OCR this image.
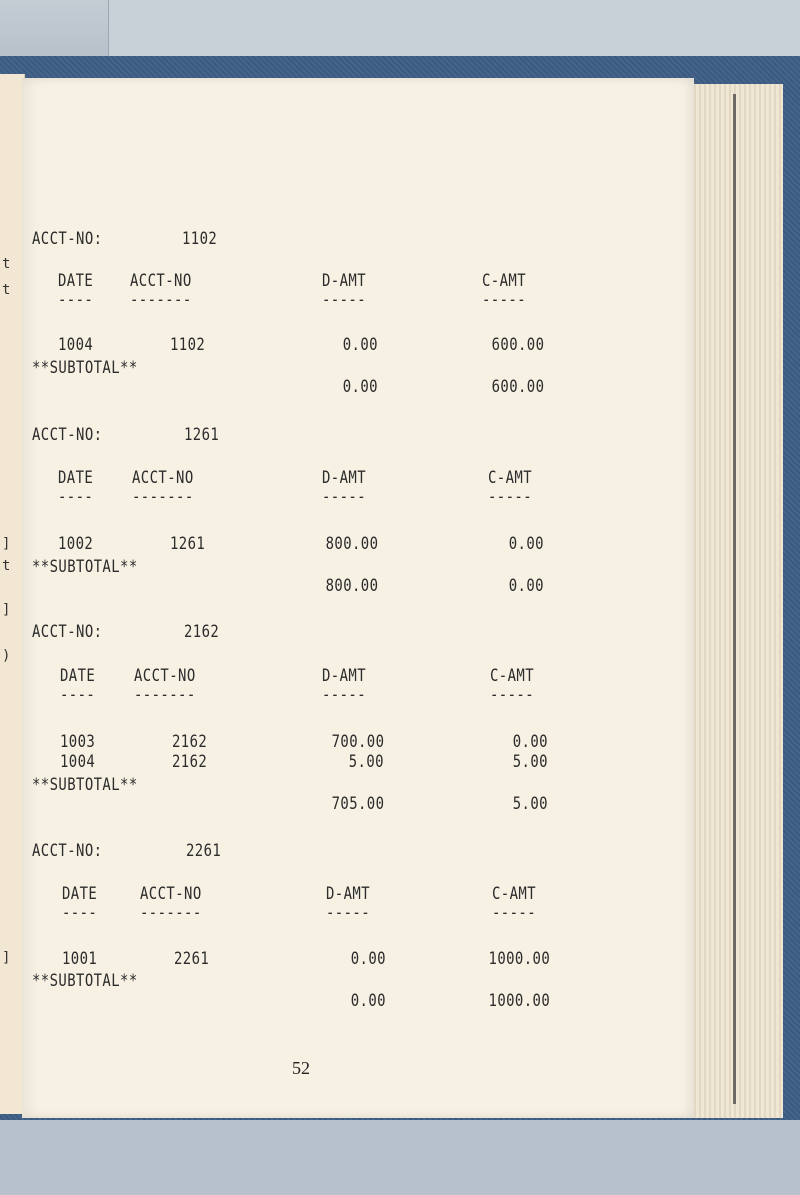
t
t
]
t
]
)
]
ACCT-NO:	1102
DATE ACCT-NO	D-AMT	C-AMT
---- -------	-----	-----
1004	1102	0.00	600.00
**SUBTOTAL**
0.00	600.00
ACCT-NO:	1261
DATE ACCT-NO	D-AMT	C-AMT
---- -------	-----	-----
1002	1261	800.00	0.00
**SUBTOTAL**
800.00	0.00
ACCT-NO:	2162
DATE ACCT-NO	D-AMT	C-AMT
---- -------	-----	-----
1003	2162	700.00	0.00
1004	2162	5.00	5.00
**SUBTOTAL**
705.00	5.00
ACCT-NO:	2261
DATE	ACCT-NO	D-AMT	C-AMT
----	-------	-----	-----
1001	2261	0.00	1000.00
**SUBTOTAL**
0.00	1000.00
52
